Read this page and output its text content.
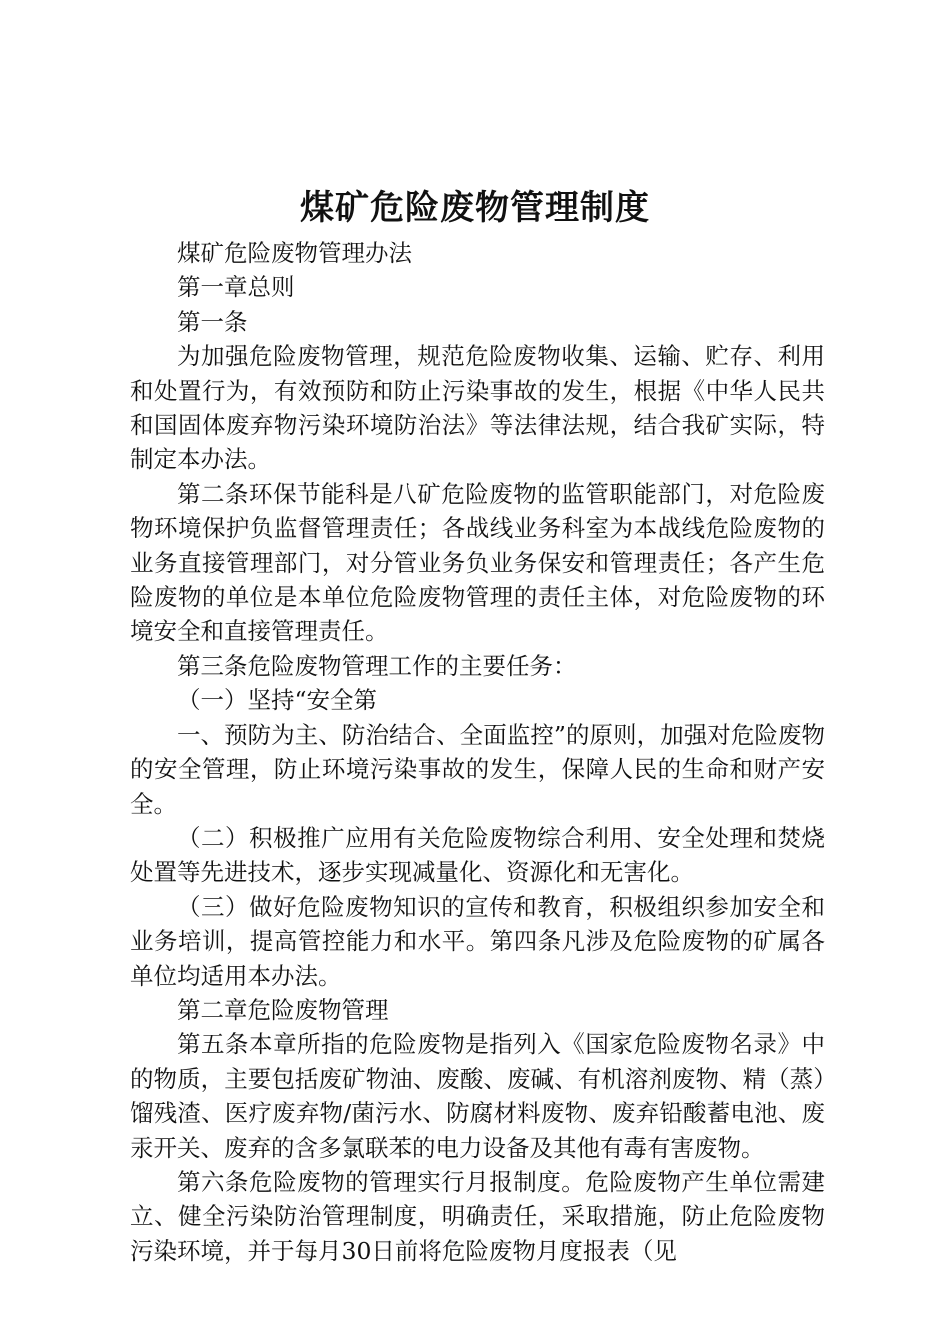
煤矿危险废物管理制度

煤矿危险废物管理办法

第一章总则

第一条

为加强危险废物管理，规范危险废物收集、运输、贮存、利用和处置行为，有效预防和防止污染事故的发生，根据《中华人民共和国固体废弃物污染环境防治法》等法律法规，结合我矿实际，特制定本办法。

第二条环保节能科是八矿危险废物的监管职能部门，对危险废物环境保护负监督管理责任；各战线业务科室为本战线危险废物的业务直接管理部门，对分管业务负业务保安和管理责任；各产生危险废物的单位是本单位危险废物管理的责任主体，对危险废物的环境安全和直接管理责任。

第三条危险废物管理工作的主要任务：

（一）坚持“安全第

一、预防为主、防治结合、全面监控”的原则，加强对危险废物的安全管理，防止环境污染事故的发生，保障人民的生命和财产安全。

（二）积极推广应用有关危险废物综合利用、安全处理和焚烧处置等先进技术，逐步实现减量化、资源化和无害化。

（三）做好危险废物知识的宣传和教育，积极组织参加安全和业务培训，提高管控能力和水平。第四条凡涉及危险废物的矿属各单位均适用本办法。

第二章危险废物管理

第五条本章所指的危险废物是指列入《国家危险废物名录》中的物质，主要包括废矿物油、废酸、废碱、有机溶剂废物、精（蒸）馏残渣、医疗废弃物/菌污水、防腐材料废物、废弃铅酸蓄电池、废汞开关、废弃的含多氯联苯的电力设备及其他有毒有害废物。

第六条危险废物的管理实行月报制度。危险废物产生单位需建立、健全污染防治管理制度，明确责任，采取措施，防止危险废物污染环境，并于每月30日前将危险废物月度报表（见
